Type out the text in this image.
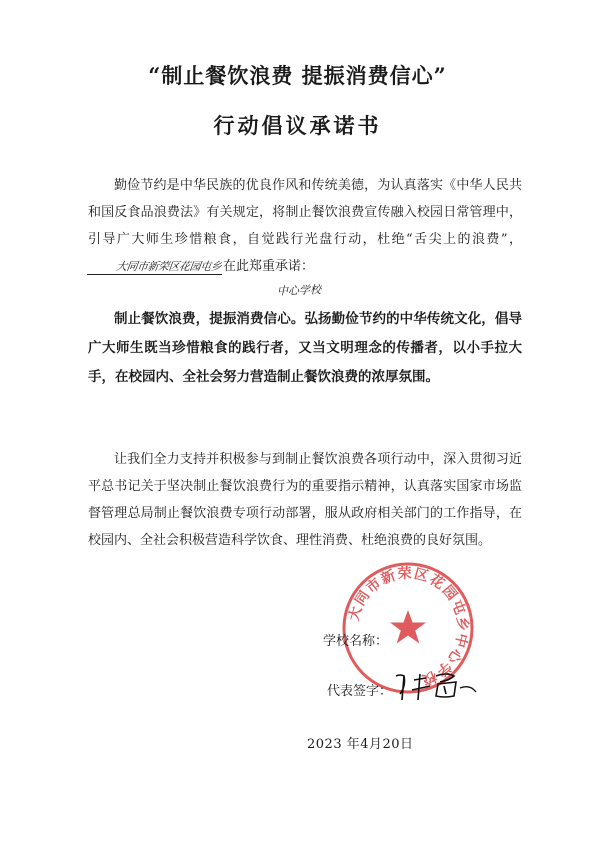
“制止餐饮浪费 提振消费信心”
行动倡议承诺书
勤俭节约是中华民族的优良作风和传统美德，为认真落实《中华人民共和国反食品浪费法》有关规定，将制止餐饮浪费宣传融入校园日常管理中，引导广大师生珍惜粮食，自觉践行光盘行动，杜绝“舌尖上的浪费”，大同市新荣区花园屯乡在此郑重承诺：
中心学校
制止餐饮浪费，提振消费信心。弘扬勤俭节约的中华传统文化，倡导广大师生既当珍惜粮食的践行者，又当文明理念的传播者，以小手拉大手，在校园内、全社会努力营造制止餐饮浪费的浓厚氛围。
让我们全力支持并积极参与到制止餐饮浪费各项行动中，深入贯彻习近平总书记关于坚决制止餐饮浪费行为的重要指示精神，认真落实国家市场监督管理总局制止餐饮浪费专项行动部署，服从政府相关部门的工作指导，在校园内、全社会积极营造科学饮食、理性消费、杜绝浪费的良好氛围。
大同市新荣区花园屯乡中心学校
学校名称：
代表签字：
2023 年4月20日
